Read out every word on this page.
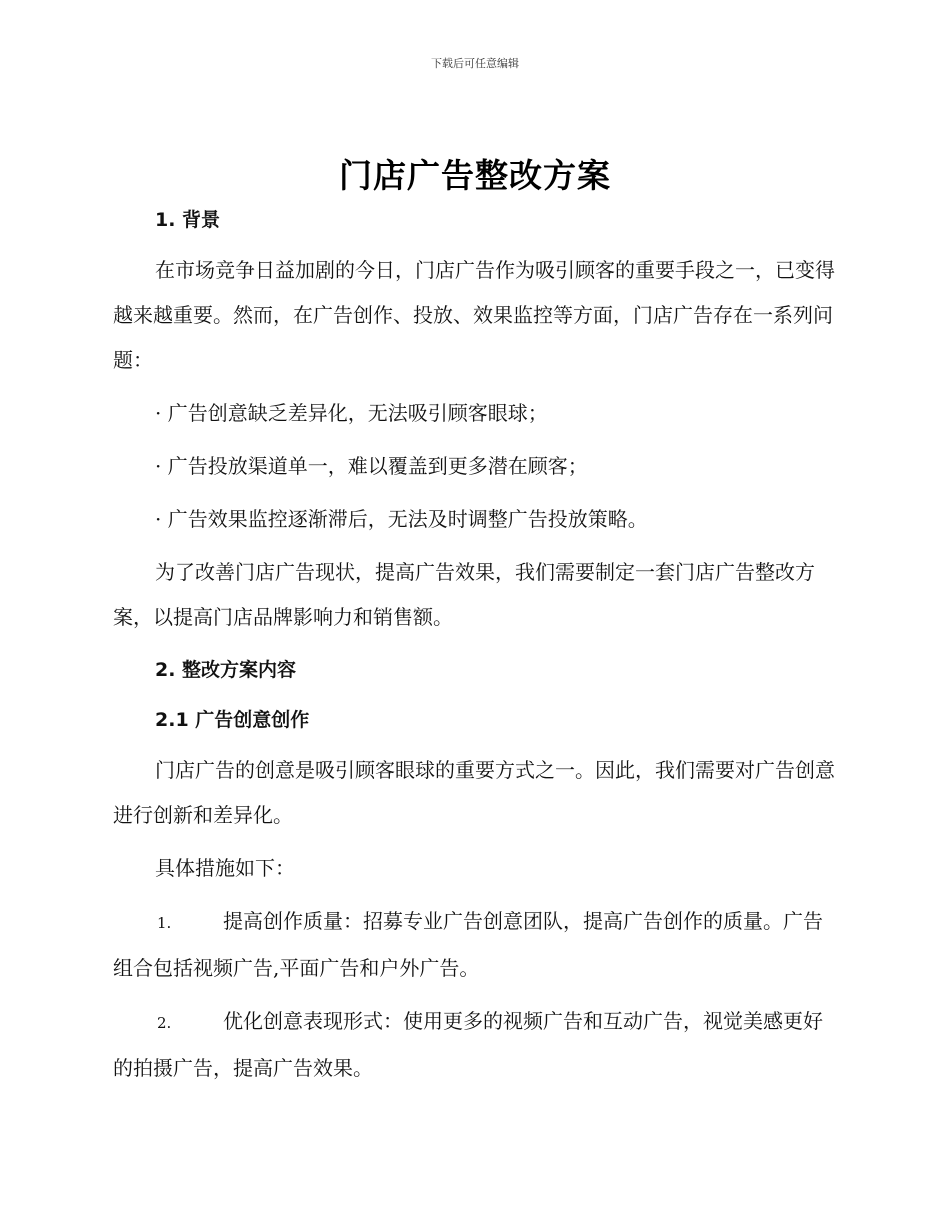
下载后可任意编辑
门店广告整改方案
1. 背景

在市场竞争日益加剧的今日，门店广告作为吸引顾客的重要手段之一，已变得越来越重要。然而，在广告创作、投放、效果监控等方面，门店广告存在一系列问题：

· 广告创意缺乏差异化，无法吸引顾客眼球；

· 广告投放渠道单一，难以覆盖到更多潜在顾客；

· 广告效果监控逐渐滞后，无法及时调整广告投放策略。

为了改善门店广告现状，提高广告效果，我们需要制定一套门店广告整改方案，以提高门店品牌影响力和销售额。

2. 整改方案内容
2.1 广告创意创作

门店广告的创意是吸引顾客眼球的重要方式之一。因此，我们需要对广告创意进行创新和差异化。

具体措施如下：

1.	提高创作质量：招募专业广告创意团队，提高广告创作的质量。广告组合包括视频广告,平面广告和户外广告。

2.	优化创意表现形式：使用更多的视频广告和互动广告，视觉美感更好的拍摄广告，提高广告效果。
